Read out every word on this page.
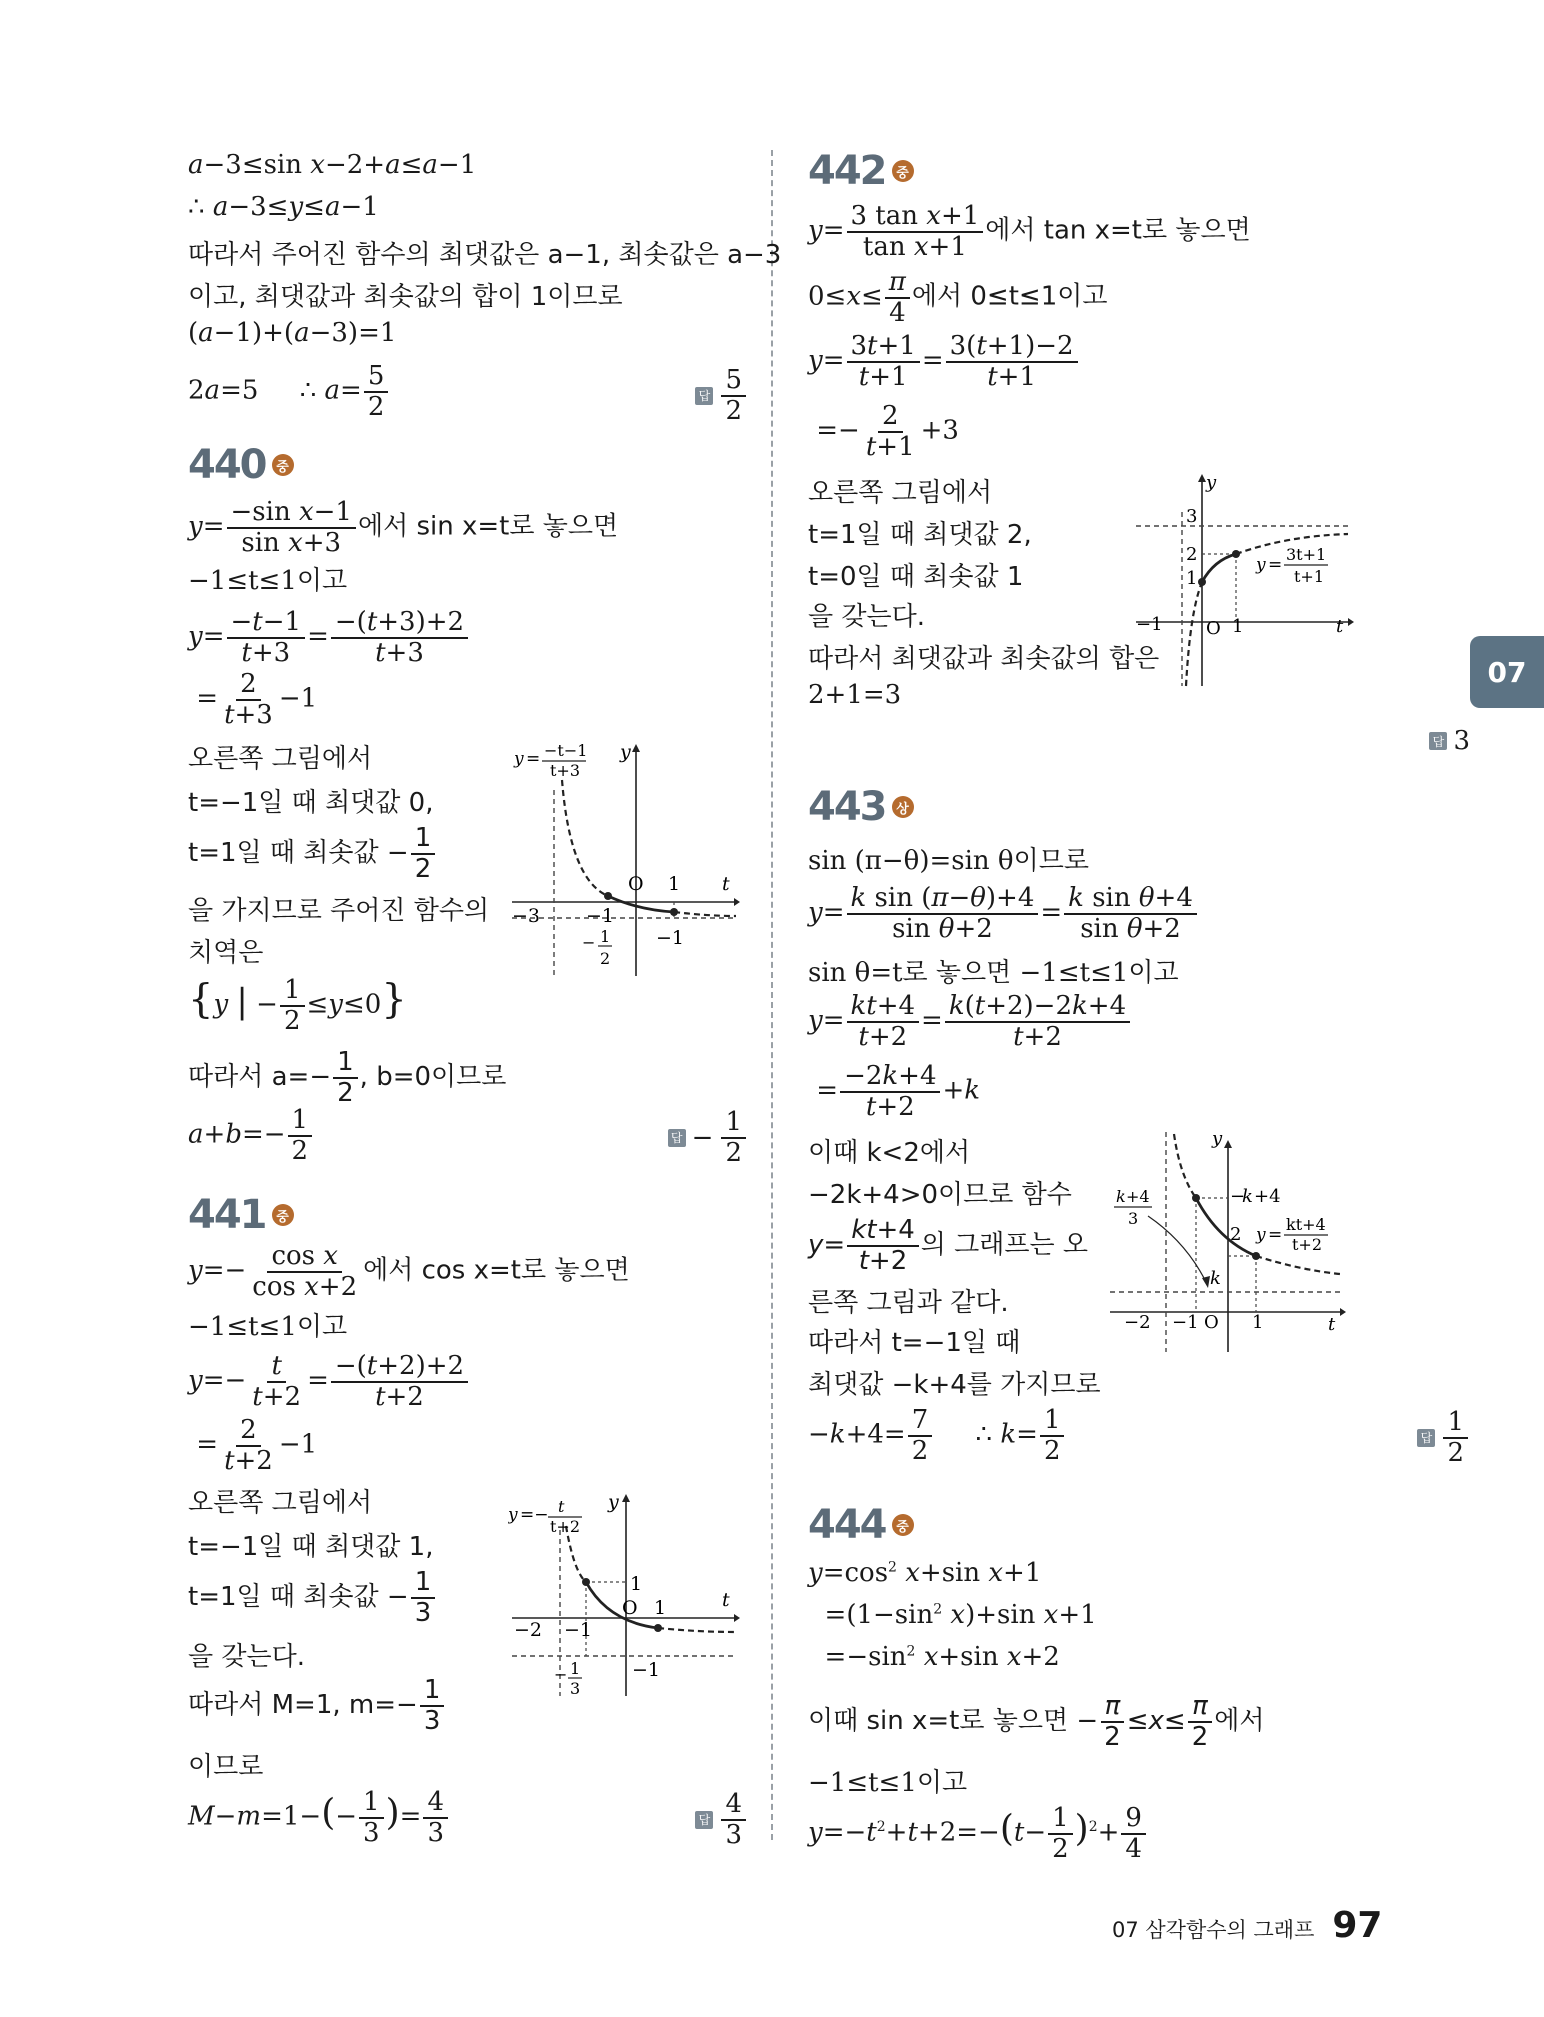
a−3≤sin x−2+a≤a−1
∴ a−3≤y≤a−1
따라서 주어진 함수의 최댓값은 a−1, 최솟값은 a−3
이고, 최댓값과 최솟값의 합이 1이므로
(a−1)+(a−3)=1
2a=5     ∴ $a= \frac{5}{2}$	답 $\frac{5}{2}$
440 중
$y= \frac{\text{−sin x−1}}{\text{sin x+3}}$ 에서 sin x=t로 놓으면
−1≤t≤1이고
$y= \frac{-t-1}{t+3} = \frac{-(t+3)+2}{t+3}$
= $\frac{2}{t+3} -1$
오른쪽 그림에서
t=−1일 때 최댓값 0,
t=1일 때 최솟값 − $\frac{1}{2}$
을 가지므로 주어진 함수의
치역은
{y | − $\frac{1}{2} \le y\le 0$}
따라서 $a=- \frac{1}{2}$ , b=0이므로
$a+b=- \frac{1}{2}$	답 − $\frac{1}{2}$
O 1 t
y
−3 −1
−1
− 1
2
y = −t−1
t+3
441 중
$y=- \frac{\text{cos x}}{\text{cos x+2}}$ 에서 cos x=t로 놓으면
−1≤t≤1이고
$y=- \frac{t}{t+2} = \frac{-(t+2)+2}{t+2}$
= $\frac{2}{t+2} -1$
오른쪽 그림에서
t=−1일 때 최댓값 1,
t=1일 때 최솟값 − $\frac{1}{3}$
을 갖는다.
따라서 M=1, $m=- \frac{1}{3}$
이므로
$M-m=1-(- \frac{1}{3}$ )= $\frac{4}{3}$	답 $\frac{4}{3}$
1
O 1	t
y
−2 −1
−1
− 1
3
y =− t
t+2
442 중
$y= \frac{\text{3 tan x+1}}{\text{tan x+1}}$ 에서 tan x=t로 놓으면
$0\le x\le \frac{\pi}{4}$ 에서 0≤t≤1이고
$y= \frac{3t+1}{t+1} = \frac{3(t+1)-2}{t+1}$
=− $\frac{2}{t+1} +3$
오른쪽 그림에서
t=1일 때 최댓값 2,
t=0일 때 최솟값 1
을 갖는다.
따라서 최댓값과 최솟값의 합은
2+1=3
답 3
443 상
sin (π−θ)=sin θ이므로
$y= \frac{\text{k sin (π−θ)+4}}{\text{sin θ+2}} = \frac{\text{k sin θ+4}}{\text{sin θ+2}}$
sin θ=t로 놓으면 −1≤t≤1이고
$y= \frac{kt+4}{t+2} = \frac{k(t+2)-2k+4}{t+2}$
= $\frac{-2k+4}{t+2} +k$
이때 k<2에서
−2k+4>0이므로 함수
$y= \frac{kt+4}{t+2}$ 의 그래프는 오
른쪽 그림과 같다.
따라서 t=−1일 때
최댓값 −k+4를 가지므로
$-k+4= \frac{7}{2}$ ∴ $k= \frac{1}{2}$	답 $\frac{1}{2}$
444 중
$y=\cos^2$ x+sin x+1
$=(1-\sin^2$ x)+sin x+1
$=-\sin^2$ x+sin x+2
이때 sin x=t로 놓으면 − $\frac{\pi}{2} \le x\le \frac{\pi}{2}$ 에서
−1≤t≤1이고
$y=-t^2+t+2=-(t- \frac{1}{2} )^2+ \frac{9}{4}$
3
2
1
y
t
−1 O 1
y =
3t+1
t+1
y
−
k +4
2
k
k +4
3
y =
kt+4
t+2
−2 −1 O 1	t
07
07 삼각함수의 그래프 97
